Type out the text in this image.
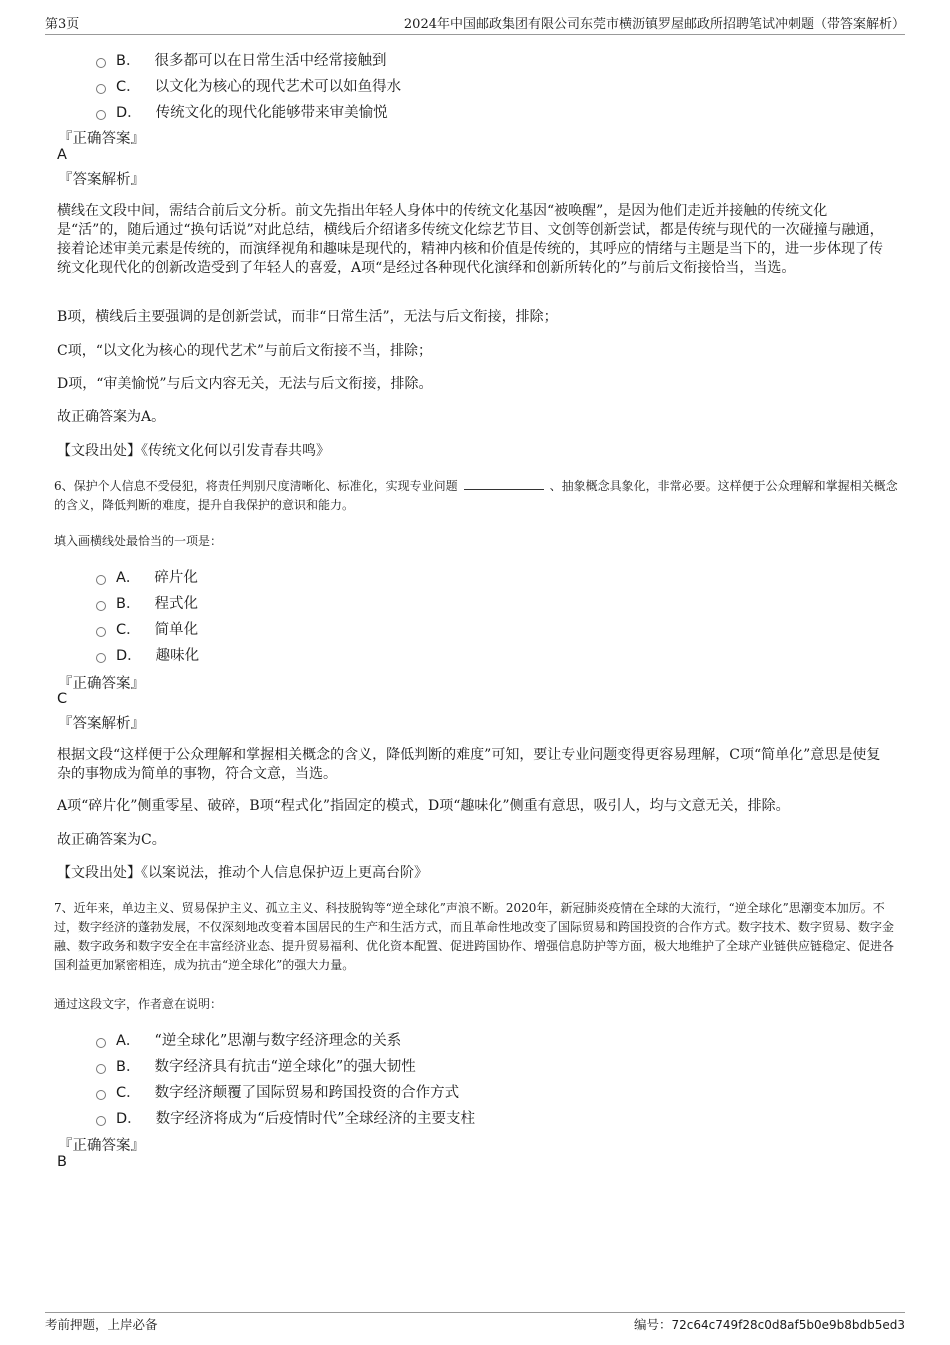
第3页	2024年中国邮政集团有限公司东莞市横沥镇罗屋邮政所招聘笔试冲刺题（带答案解析）
B． 很多都可以在日常生活中经常接触到
C． 以文化为核心的现代艺术可以如鱼得水
D． 传统文化的现代化能够带来审美愉悦
『正确答案』
A
『答案解析』
横线在文段中间，需结合前后文分析。前文先指出年轻人身体中的传统文化基因“被唤醒”，是因为他们走近并接触的传统文化是“活”的，随后通过“换句话说”对此总结，横线后介绍诸多传统文化综艺节目、文创等创新尝试，都是传统与现代的一次碰撞与融通，接着论述审美元素是传统的，而演绎视角和趣味是现代的，精神内核和价值是传统的，其呼应的情绪与主题是当下的，进一步体现了传统文化现代化的创新改造受到了年轻人的喜爱，A项“是经过各种现代化演绎和创新所转化的”与前后文衔接恰当，当选。
B项，横线后主要强调的是创新尝试，而非“日常生活”，无法与后文衔接，排除；
C项，“以文化为核心的现代艺术”与前后文衔接不当，排除；
D项，“审美愉悦”与后文内容无关，无法与后文衔接，排除。
故正确答案为A。
【文段出处】《传统文化何以引发青春共鸣》
6、保护个人信息不受侵犯，将责任判别尺度清晰化、标准化，实现专业问题	、抽象概念具象化，非常必要。这样便于公众理解和掌握相关概念的含义，降低判断的难度，提升自我保护的意识和能力。
填入画横线处最恰当的一项是：
A． 碎片化
B． 程式化
C． 简单化
D． 趣味化
『正确答案』
C
『答案解析』
根据文段“这样便于公众理解和掌握相关概念的含义，降低判断的难度”可知，要让专业问题变得更容易理解，C项“简单化”意思是使复杂的事物成为简单的事物，符合文意，当选。
A项“碎片化”侧重零星、破碎，B项“程式化”指固定的模式，D项“趣味化”侧重有意思，吸引人，均与文意无关，排除。
故正确答案为C。
【文段出处】《以案说法，推动个人信息保护迈上更高台阶》
7、近年来，单边主义、贸易保护主义、孤立主义、科技脱钩等“逆全球化”声浪不断。2020年，新冠肺炎疫情在全球的大流行，“逆全球化”思潮变本加厉。不过，数字经济的蓬勃发展，不仅深刻地改变着本国居民的生产和生活方式，而且革命性地改变了国际贸易和跨国投资的合作方式。数字技术、数字贸易、数字金融、数字政务和数字安全在丰富经济业态、提升贸易福利、优化资本配置、促进跨国协作、增强信息防护等方面，极大地维护了全球产业链供应链稳定、促进各国利益更加紧密相连，成为抗击“逆全球化”的强大力量。
通过这段文字，作者意在说明：
A． “逆全球化”思潮与数字经济理念的关系
B． 数字经济具有抗击“逆全球化”的强大韧性
C． 数字经济颠覆了国际贸易和跨国投资的合作方式
D． 数字经济将成为“后疫情时代”全球经济的主要支柱
『正确答案』
B
考前押题，上岸必备	编号：72c64c749f28c0d8af5b0e9b8bdb5ed3
